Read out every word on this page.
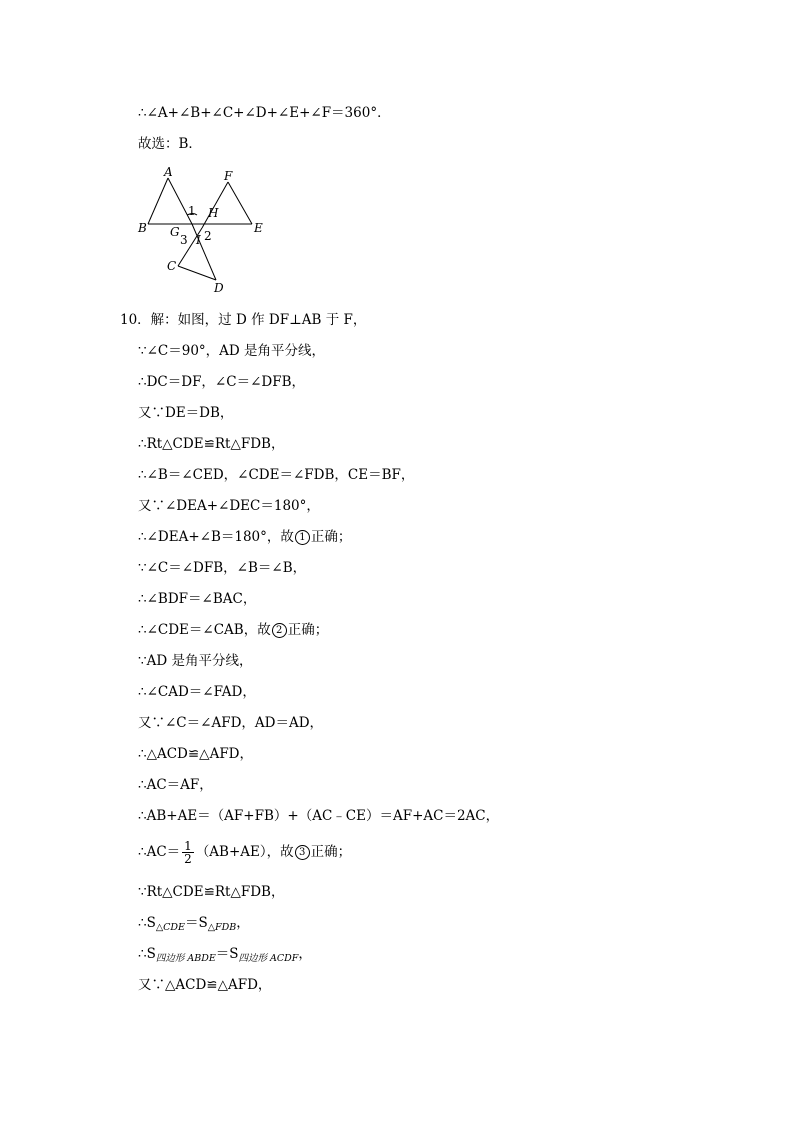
∴∠A+∠B+∠C+∠D+∠E+∠F＝360°．
故选：B．
A	F
B	E
1 H
G
3 I 2
C
D
10．解：如图，过 D 作 DF⊥AB 于 F，
∵∠C＝90°，AD 是角平分线，
∴DC＝DF，∠C＝∠DFB，
又∵DE＝DB，
∴Rt△CDE≌Rt△FDB，
∴∠B＝∠CED，∠CDE＝∠FDB，CE＝BF，
又∵∠DEA+∠DEC＝180°，
∴∠DEA+∠B＝180°，故 1 正确；
∵∠C＝∠DFB，∠B＝∠B，
∴∠BDF＝∠BAC，
∴∠CDE＝∠CAB，故 2 正确；
∵AD 是角平分线，
∴∠CAD＝∠FAD，
又∵∠C＝∠AFD，AD＝AD，
∴△ACD≌△AFD，
∴AC＝AF，
∴AB+AE＝（AF+FB）+（AC﹣CE）＝AF+AC＝2AC，
∴AC＝ $\frac{1}{2} (AB+AE)$，故 3 正确；
∵Rt△CDE≌Rt△FDB，
$\therefore S_{\triangle CDE}=S_{\triangle FDB}$，
$\therefore S_{四边形 ABDE}=S_{四边形 ACDF}$，
又∵△ACD≌△AFD，
